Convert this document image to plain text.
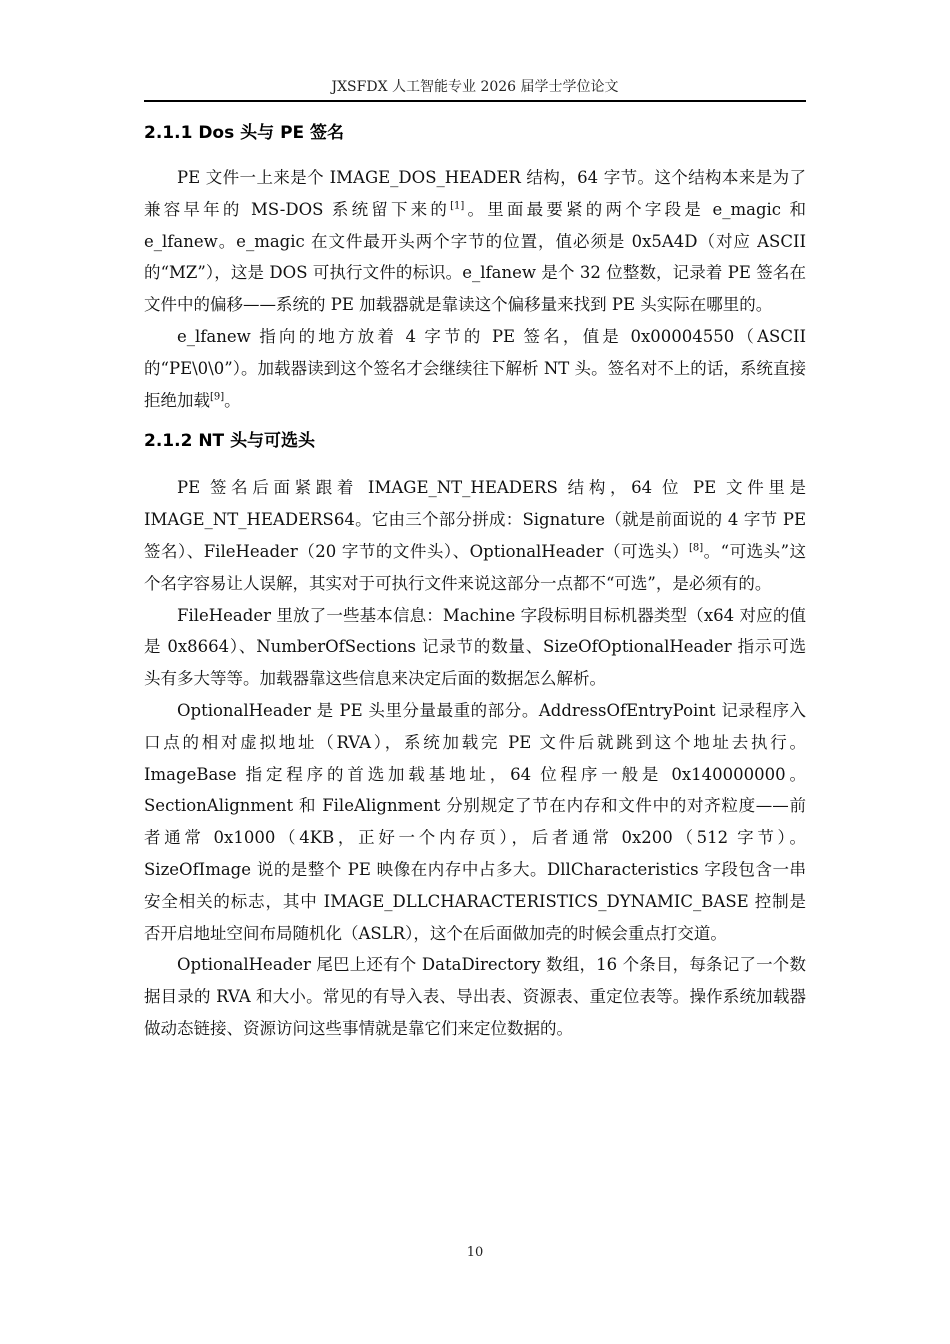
JXSFDX 人工智能专业 2026 届学士学位论文
2.1.1 Dos 头与 PE 签名

PE 文件一上来是个 IMAGE_DOS_HEADER 结构，64 字节。这个结构本来是为了兼容早年的 MS-DOS 系统留下来的[1]。里面最要紧的两个字段是 e_magic 和 e_lfanew。e_magic 在文件最开头两个字节的位置，值必须是 0x5A4D（对应 ASCII 的“MZ”），这是 DOS 可执行文件的标识。e_lfanew 是个 32 位整数，记录着 PE 签名在文件中的偏移——系统的 PE 加载器就是靠读这个偏移量来找到 PE 头实际在哪里的。

e_lfanew 指向的地方放着 4 字节的 PE 签名，值是 0x00004550（ASCII 的“PE\0\0”）。加载器读到这个签名才会继续往下解析 NT 头。签名对不上的话，系统直接拒绝加载[9]。

2.1.2 NT 头与可选头

PE 签名后面紧跟着 IMAGE_NT_HEADERS 结构，64 位 PE 文件里是 IMAGE_NT_HEADERS64。它由三个部分拼成：Signature（就是前面说的 4 字节 PE 签名）、FileHeader（20 字节的文件头）、OptionalHeader（可选头）[8]。“可选头”这个名字容易让人误解，其实对于可执行文件来说这部分一点都不“可选”，是必须有的。

FileHeader 里放了一些基本信息：Machine 字段标明目标机器类型（x64 对应的值是 0x8664）、NumberOfSections 记录节的数量、SizeOfOptionalHeader 指示可选头有多大等等。加载器靠这些信息来决定后面的数据怎么解析。

OptionalHeader 是 PE 头里分量最重的部分。AddressOfEntryPoint 记录程序入口点的相对虚拟地址（RVA），系统加载完 PE 文件后就跳到这个地址去执行。ImageBase 指定程序的首选加载基地址，64 位程序一般是 0x140000000。SectionAlignment 和 FileAlignment 分别规定了节在内存和文件中的对齐粒度——前者通常 0x1000（4KB，正好一个内存页），后者通常 0x200（512 字节）。SizeOfImage 说的是整个 PE 映像在内存中占多大。DllCharacteristics 字段包含一串安全相关的标志，其中 IMAGE_DLLCHARACTERISTICS_DYNAMIC_BASE 控制是否开启地址空间布局随机化（ASLR），这个在后面做加壳的时候会重点打交道。

OptionalHeader 尾巴上还有个 DataDirectory 数组，16 个条目，每条记了一个数据目录的 RVA 和大小。常见的有导入表、导出表、资源表、重定位表等。操作系统加载器做动态链接、资源访问这些事情就是靠它们来定位数据的。

10
